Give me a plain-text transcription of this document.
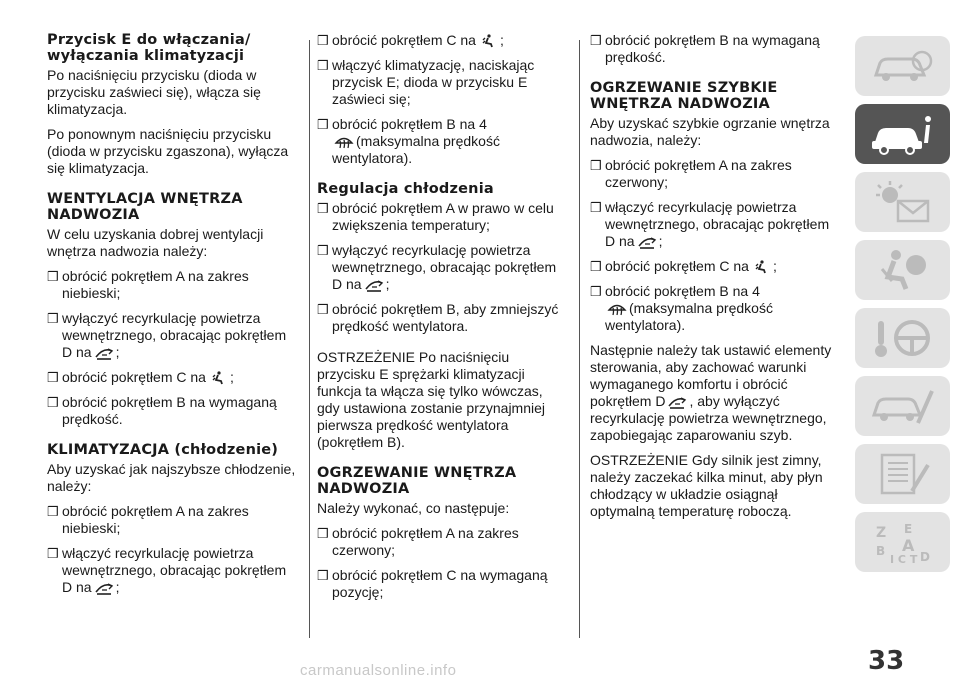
Przycisk E do włączania/ wyłączania klimatyzacji

Po naciśnięciu przycisku (dioda w przycisku zaświeci się), włącza się klimatyzacja.

Po ponownym naciśnięciu przycisku (dioda w przycisku zgaszona), wyłącza się klimatyzacja.

WENTYLACJA WNĘTRZA NADWOZIA

W celu uzyskania dobrej wentylacji wnętrza nadwozia należy:

❒ obrócić pokrętłem A na zakres niebieski;
❒ wyłączyć recyrkulację powietrza wewnętrznego, obracając pokrętłem D na ;
❒ obrócić pokrętłem C na ;
❒ obrócić pokrętłem B na wymaganą prędkość.
KLIMATYZACJA (chłodzenie)

Aby uzyskać jak najszybsze chłodzenie, należy:

❒ obrócić pokrętłem A na zakres niebieski;
❒ włączyć recyrkulację powietrza wewnętrznego, obracając pokrętłem D na ;
❒ obrócić pokrętłem C na ;
❒ włączyć klimatyzację, naciskając przycisk E; dioda w przycisku E zaświeci się;
❒ obrócić pokrętłem B na 4

(maksymalna prędkość wentylatora).
Regulacja chłodzenia
❒ obrócić pokrętłem A w prawo w celu zwiększenia temperatury;
❒ wyłączyć recyrkulację powietrza wewnętrznego, obracając pokrętłem D na ;
❒ obrócić pokrętłem B, aby zmniejszyć prędkość wentylatora.

OSTRZEŻENIE Po naciśnięciu przycisku E sprężarki klimatyzacji funkcja ta włącza się tylko wówczas, gdy ustawiona zostanie przynajmniej pierwsza prędkość wentylatora (pokrętłem B).

OGRZEWANIE WNĘTRZA NADWOZIA

Należy wykonać, co następuje:

❒ obrócić pokrętłem A na zakres czerwony;
❒ obrócić pokrętłem C na wymaganą pozycję;
❒ obrócić pokrętłem B na wymaganą prędkość.
OGRZEWANIE SZYBKIE WNĘTRZA NADWOZIA

Aby uzyskać szybkie ogrzanie wnętrza nadwozia, należy:

❒ obrócić pokrętłem A na zakres czerwony;
❒ włączyć recyrkulację powietrza wewnętrznego, obracając pokrętłem D na ;
❒ obrócić pokrętłem C na ;
❒ obrócić pokrętłem B na 4

(maksymalna prędkość wentylatora).

Następnie należy tak ustawić elementy sterowania, aby zachować warunki wymaganego komfortu i obrócić pokrętłem D , aby wyłączyć recyrkulację powietrza wewnętrznego, zapobiegając zaparowaniu szyb.

OSTRZEŻENIE Gdy silnik jest zimny, należy zaczekać kilka minut, aby płyn chłodzący w układzie osiągnął optymalną temperaturę roboczą.

Z E
B A
I C T D
33
carmanualsonline.info
